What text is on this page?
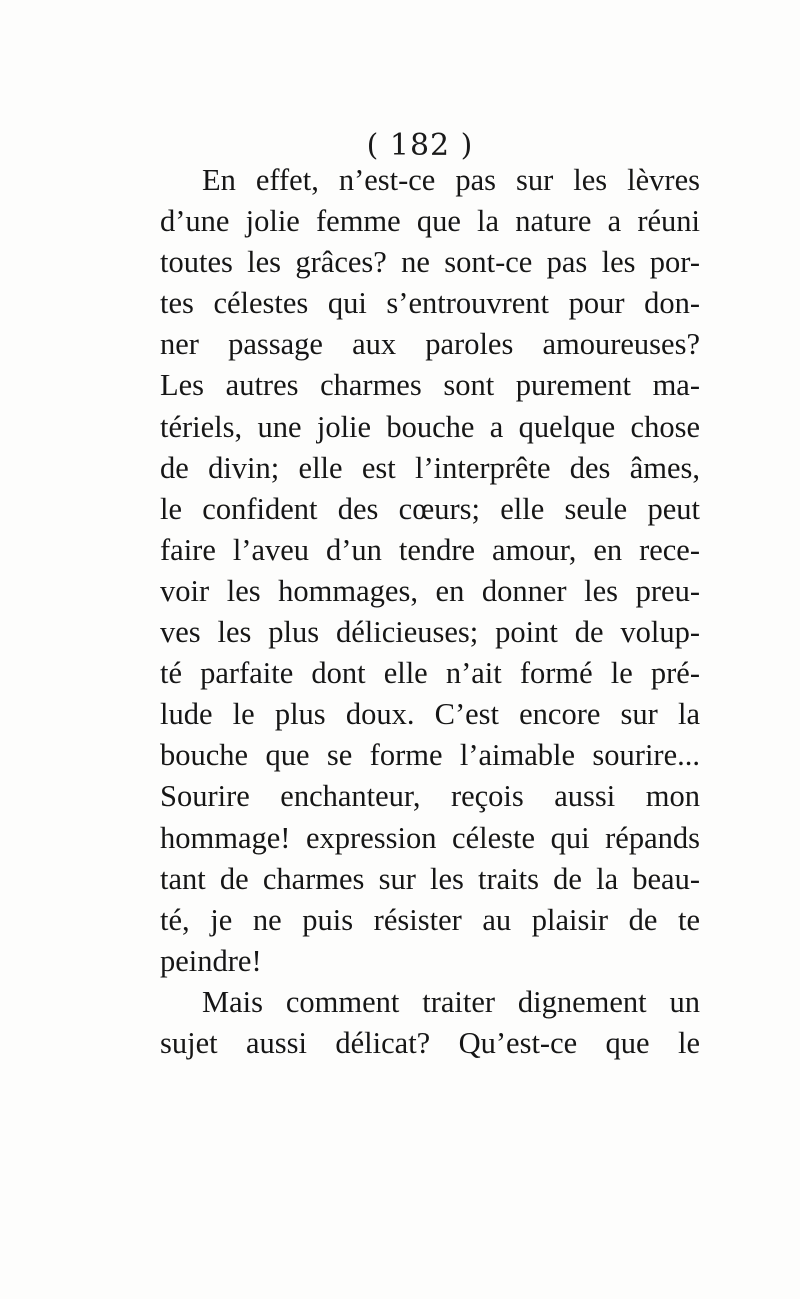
( 182 )
En effet, n’est-ce pas sur les lèvres
d’une jolie femme que la nature a réuni
toutes les grâces? ne sont-ce pas les por-
tes célestes qui s’entrouvrent pour don-
ner passage aux paroles amoureuses?
Les autres charmes sont purement ma-
tériels, une jolie bouche a quelque chose
de divin; elle est l’interprête des âmes,
le confident des cœurs; elle seule peut
faire l’aveu d’un tendre amour, en rece-
voir les hommages, en donner les preu-
ves les plus délicieuses; point de volup-
té parfaite dont elle n’ait formé le pré-
lude le plus doux. C’est encore sur la
bouche que se forme l’aimable sourire...
Sourire enchanteur, reçois aussi mon
hommage! expression céleste qui répands
tant de charmes sur les traits de la beau-
té, je ne puis résister au plaisir de te
peindre!
Mais comment traiter dignement un
sujet aussi délicat? Qu’est-ce que le
